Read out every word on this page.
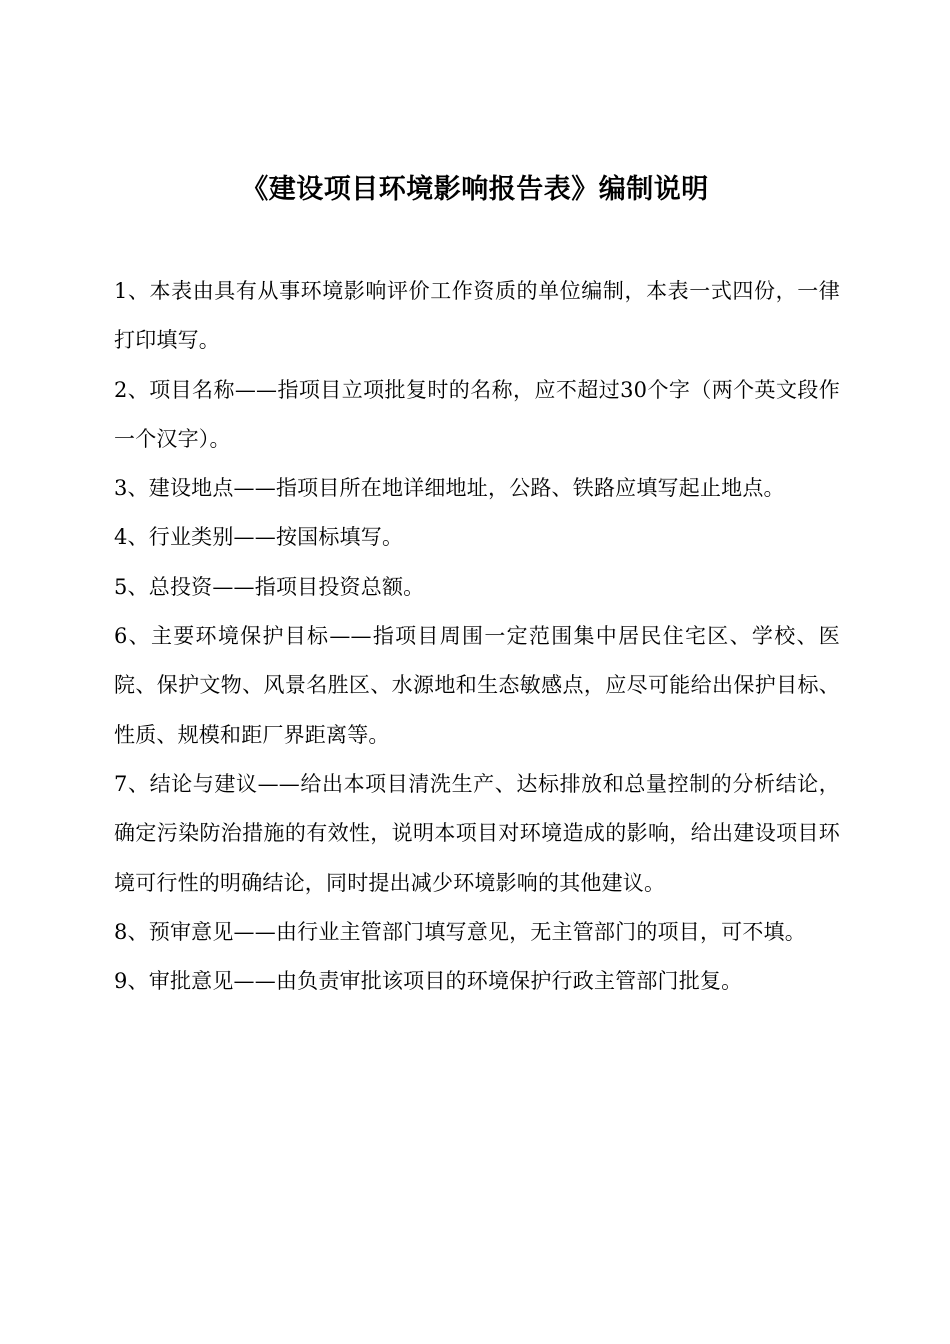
《建设项目环境影响报告表》编制说明

1、本表由具有从事环境影响评价工作资质的单位编制，本表一式四份，一律打印填写。

2、项目名称——指项目立项批复时的名称，应不超过30个字（两个英文段作一个汉字）。

3、建设地点——指项目所在地详细地址，公路、铁路应填写起止地点。

4、行业类别——按国标填写。

5、总投资——指项目投资总额。

6、主要环境保护目标——指项目周围一定范围集中居民住宅区、学校、医院、保护文物、风景名胜区、水源地和生态敏感点，应尽可能给出保护目标、性质、规模和距厂界距离等。

7、结论与建议——给出本项目清洗生产、达标排放和总量控制的分析结论，确定污染防治措施的有效性，说明本项目对环境造成的影响，给出建设项目环境可行性的明确结论，同时提出减少环境影响的其他建议。

8、预审意见——由行业主管部门填写意见，无主管部门的项目，可不填。

9、审批意见——由负责审批该项目的环境保护行政主管部门批复。
